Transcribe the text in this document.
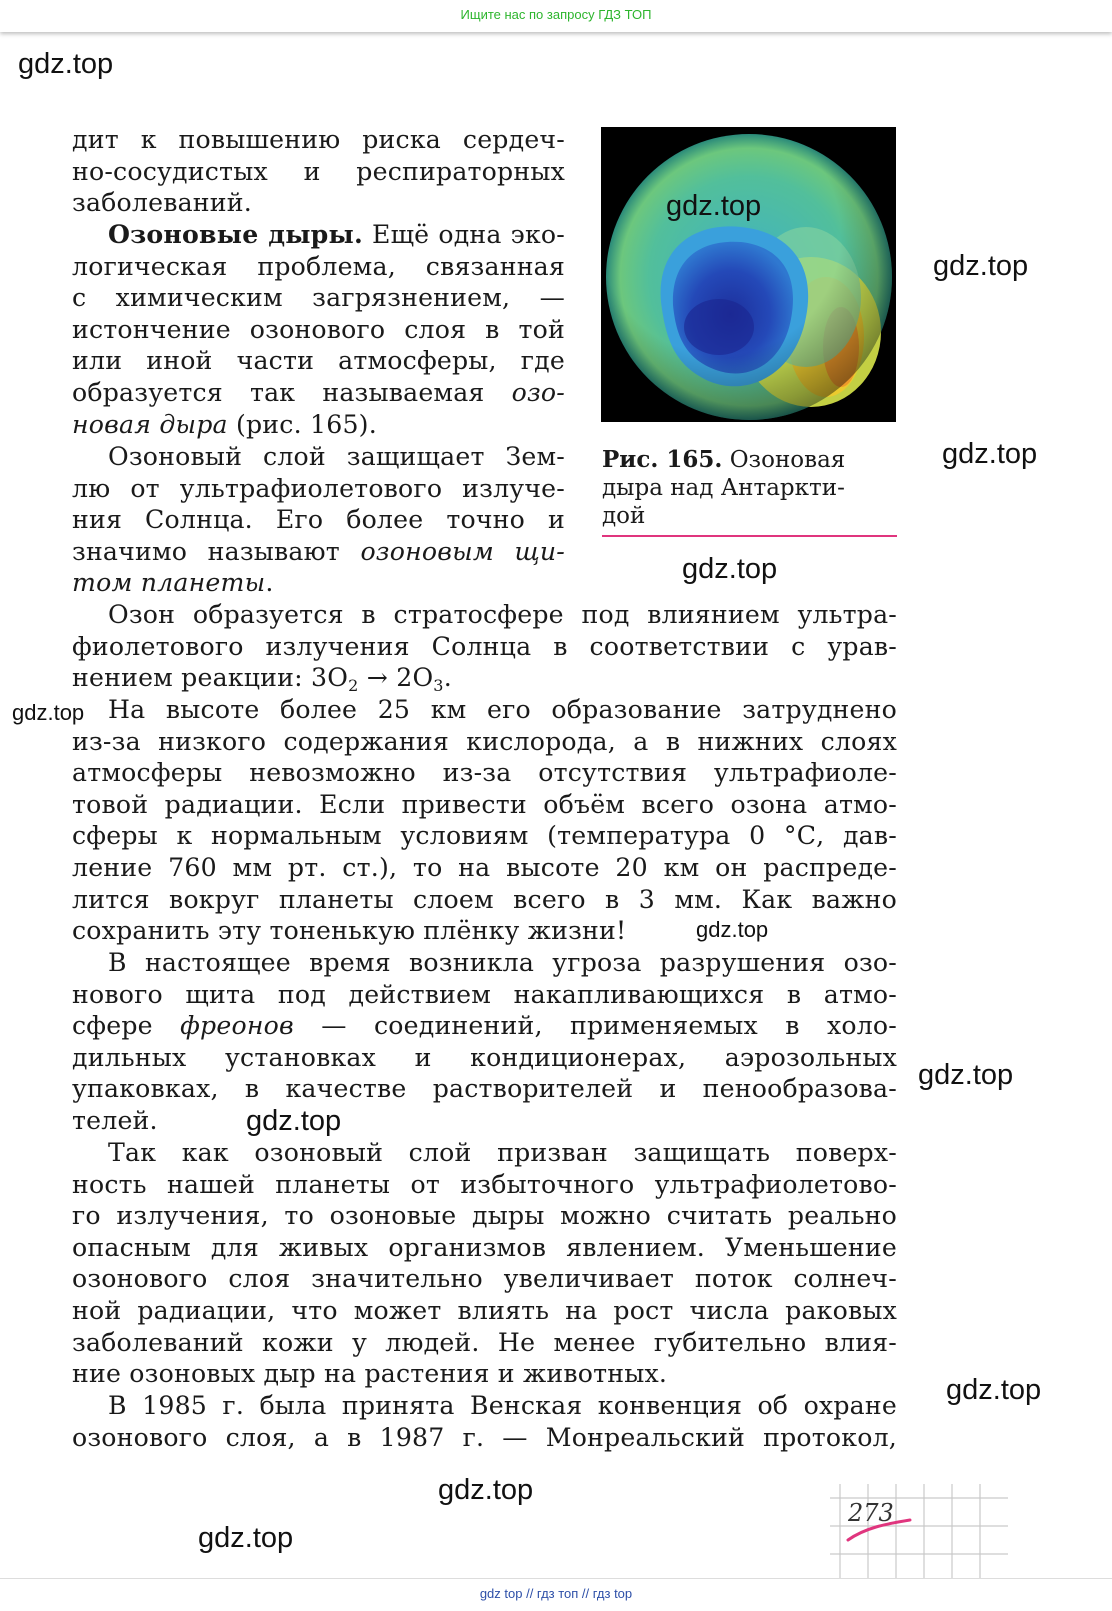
Ищите нас по запросу ГДЗ ТОП
gdz top // гдз топ // гдз top
дит к повышению риска сердеч-
но-сосудистых и респираторных
заболеваний.
Озоновые дыры. Ещё одна эко-
логическая проблема, связанная
с химическим загрязнением, —
истончение озонового слоя в той
или иной части атмосферы, где
образуется так называемая озо-
новая дыра (рис. 165).
Озоновый слой защищает Зем-
лю от ультрафиолетового излуче-
ния Солнца. Его более точно и
значимо называют озоновым щи-
том планеты.
Озон образуется в стратосфере под влиянием ультра-
фиолетового излучения Солнца в соответствии с урав-
нением реакции: $3O_2 \to 2O_3$.
На высоте более 25 км его образование затруднено
из-за низкого содержания кислорода, а в нижних слоях
атмосферы невозможно из-за отсутствия ультрафиоле-
товой радиации. Если привести объём всего озона атмо-
сферы к нормальным условиям (температура 0 °С, дав-
ление 760 мм рт. ст.), то на высоте 20 км он распреде-
лится вокруг планеты слоем всего в 3 мм. Как важно
сохранить эту тоненькую плёнку жизни!
В настоящее время возникла угроза разрушения озо-
нового щита под действием накапливающихся в атмо-
сфере фреонов — соединений, применяемых в холо-
дильных установках и кондиционерах, аэрозольных
упаковках, в качестве растворителей и пенообразова-
телей.
Так как озоновый слой призван защищать поверх-
ность нашей планеты от избыточного ультрафиолетово-
го излучения, то озоновые дыры можно считать реально
опасным для живых организмов явлением. Уменьшение
озонового слоя значительно увеличивает поток солнеч-
ной радиации, что может влиять на рост числа раковых
заболеваний кожи у людей. Не менее губительно влия-
ние озоновых дыр на растения и животных.
В 1985 г. была принята Венская конвенция об охране
озонового слоя, а в 1987 г. — Монреальский протокол,
Рис. 165. Озоновая
дыра над Антаркти-
дой
273
gdz.top
gdz.top
gdz.top
gdz.top
gdz.top
gdz.top
gdz.top
gdz.top
gdz.top
gdz.top
gdz.top
gdz.top
